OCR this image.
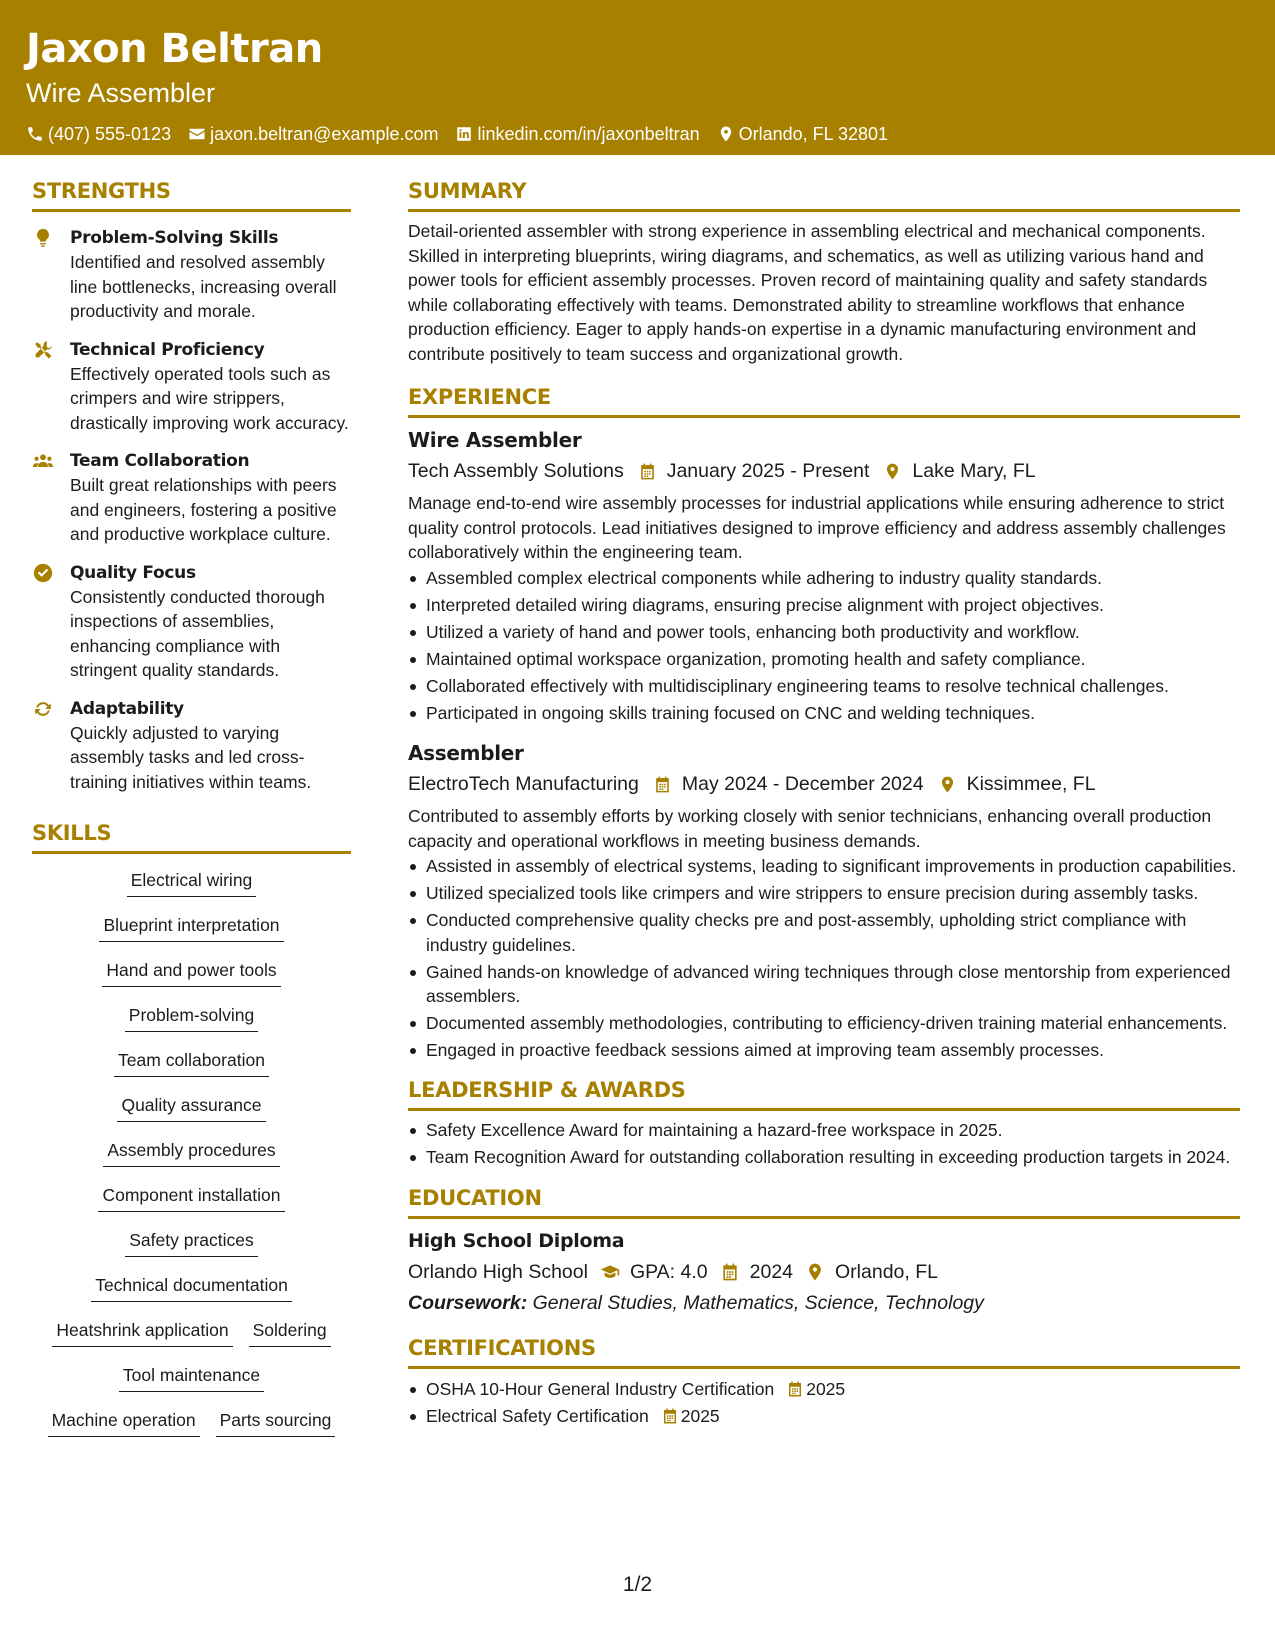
Jaxon Beltran
Wire Assembler
(407) 555-0123 jaxon.beltran@example.com linkedin.com/in/jaxonbeltran Orlando, FL 32801
STRENGTHS
Problem-Solving Skills
Identified and resolved assembly line bottlenecks, increasing overall productivity and morale.
Technical Proficiency
Effectively operated tools such as crimpers and wire strippers, drastically improving work accuracy.
Team Collaboration
Built great relationships with peers and engineers, fostering a positive and productive workplace culture.
Quality Focus
Consistently conducted thorough inspections of assemblies, enhancing compliance with stringent quality standards.
Adaptability
Quickly adjusted to varying assembly tasks and led cross-training initiatives within teams.
SKILLS
Electrical wiring
Blueprint interpretation
Hand and power tools
Problem-solving
Team collaboration
Quality assurance
Assembly procedures
Component installation
Safety practices
Technical documentation
Heatshrink application Soldering
Tool maintenance
Machine operation Parts sourcing
SUMMARY
Detail-oriented assembler with strong experience in assembling electrical and mechanical components. Skilled in interpreting blueprints, wiring diagrams, and schematics, as well as utilizing various hand and power tools for efficient assembly processes. Proven record of maintaining quality and safety standards while collaborating effectively with teams. Demonstrated ability to streamline workflows that enhance production efficiency. Eager to apply hands-on expertise in a dynamic manufacturing environment and contribute positively to team success and organizational growth.
EXPERIENCE
Wire Assembler
Tech Assembly Solutions January 2025 - Present Lake Mary, FL
Manage end-to-end wire assembly processes for industrial applications while ensuring adherence to strict quality control protocols. Lead initiatives designed to improve efficiency and address assembly challenges collaboratively within the engineering team.
Assembled complex electrical components while adhering to industry quality standards.
Interpreted detailed wiring diagrams, ensuring precise alignment with project objectives.
Utilized a variety of hand and power tools, enhancing both productivity and workflow.
Maintained optimal workspace organization, promoting health and safety compliance.
Collaborated effectively with multidisciplinary engineering teams to resolve technical challenges.
Participated in ongoing skills training focused on CNC and welding techniques.
Assembler
ElectroTech Manufacturing May 2024 - December 2024 Kissimmee, FL
Contributed to assembly efforts by working closely with senior technicians, enhancing overall production capacity and operational workflows in meeting business demands.
Assisted in assembly of electrical systems, leading to significant improvements in production capabilities.
Utilized specialized tools like crimpers and wire strippers to ensure precision during assembly tasks.
Conducted comprehensive quality checks pre and post-assembly, upholding strict compliance with industry guidelines.
Gained hands-on knowledge of advanced wiring techniques through close mentorship from experienced assemblers.
Documented assembly methodologies, contributing to efficiency-driven training material enhancements.
Engaged in proactive feedback sessions aimed at improving team assembly processes.
LEADERSHIP & AWARDS
Safety Excellence Award for maintaining a hazard-free workspace in 2025.
Team Recognition Award for outstanding collaboration resulting in exceeding production targets in 2024.
EDUCATION
High School Diploma
Orlando High School GPA: 4.0 2024 Orlando, FL
Coursework: General Studies, Mathematics, Science, Technology
CERTIFICATIONS
OSHA 10-Hour General Industry Certification 2025
Electrical Safety Certification 2025
1/2
